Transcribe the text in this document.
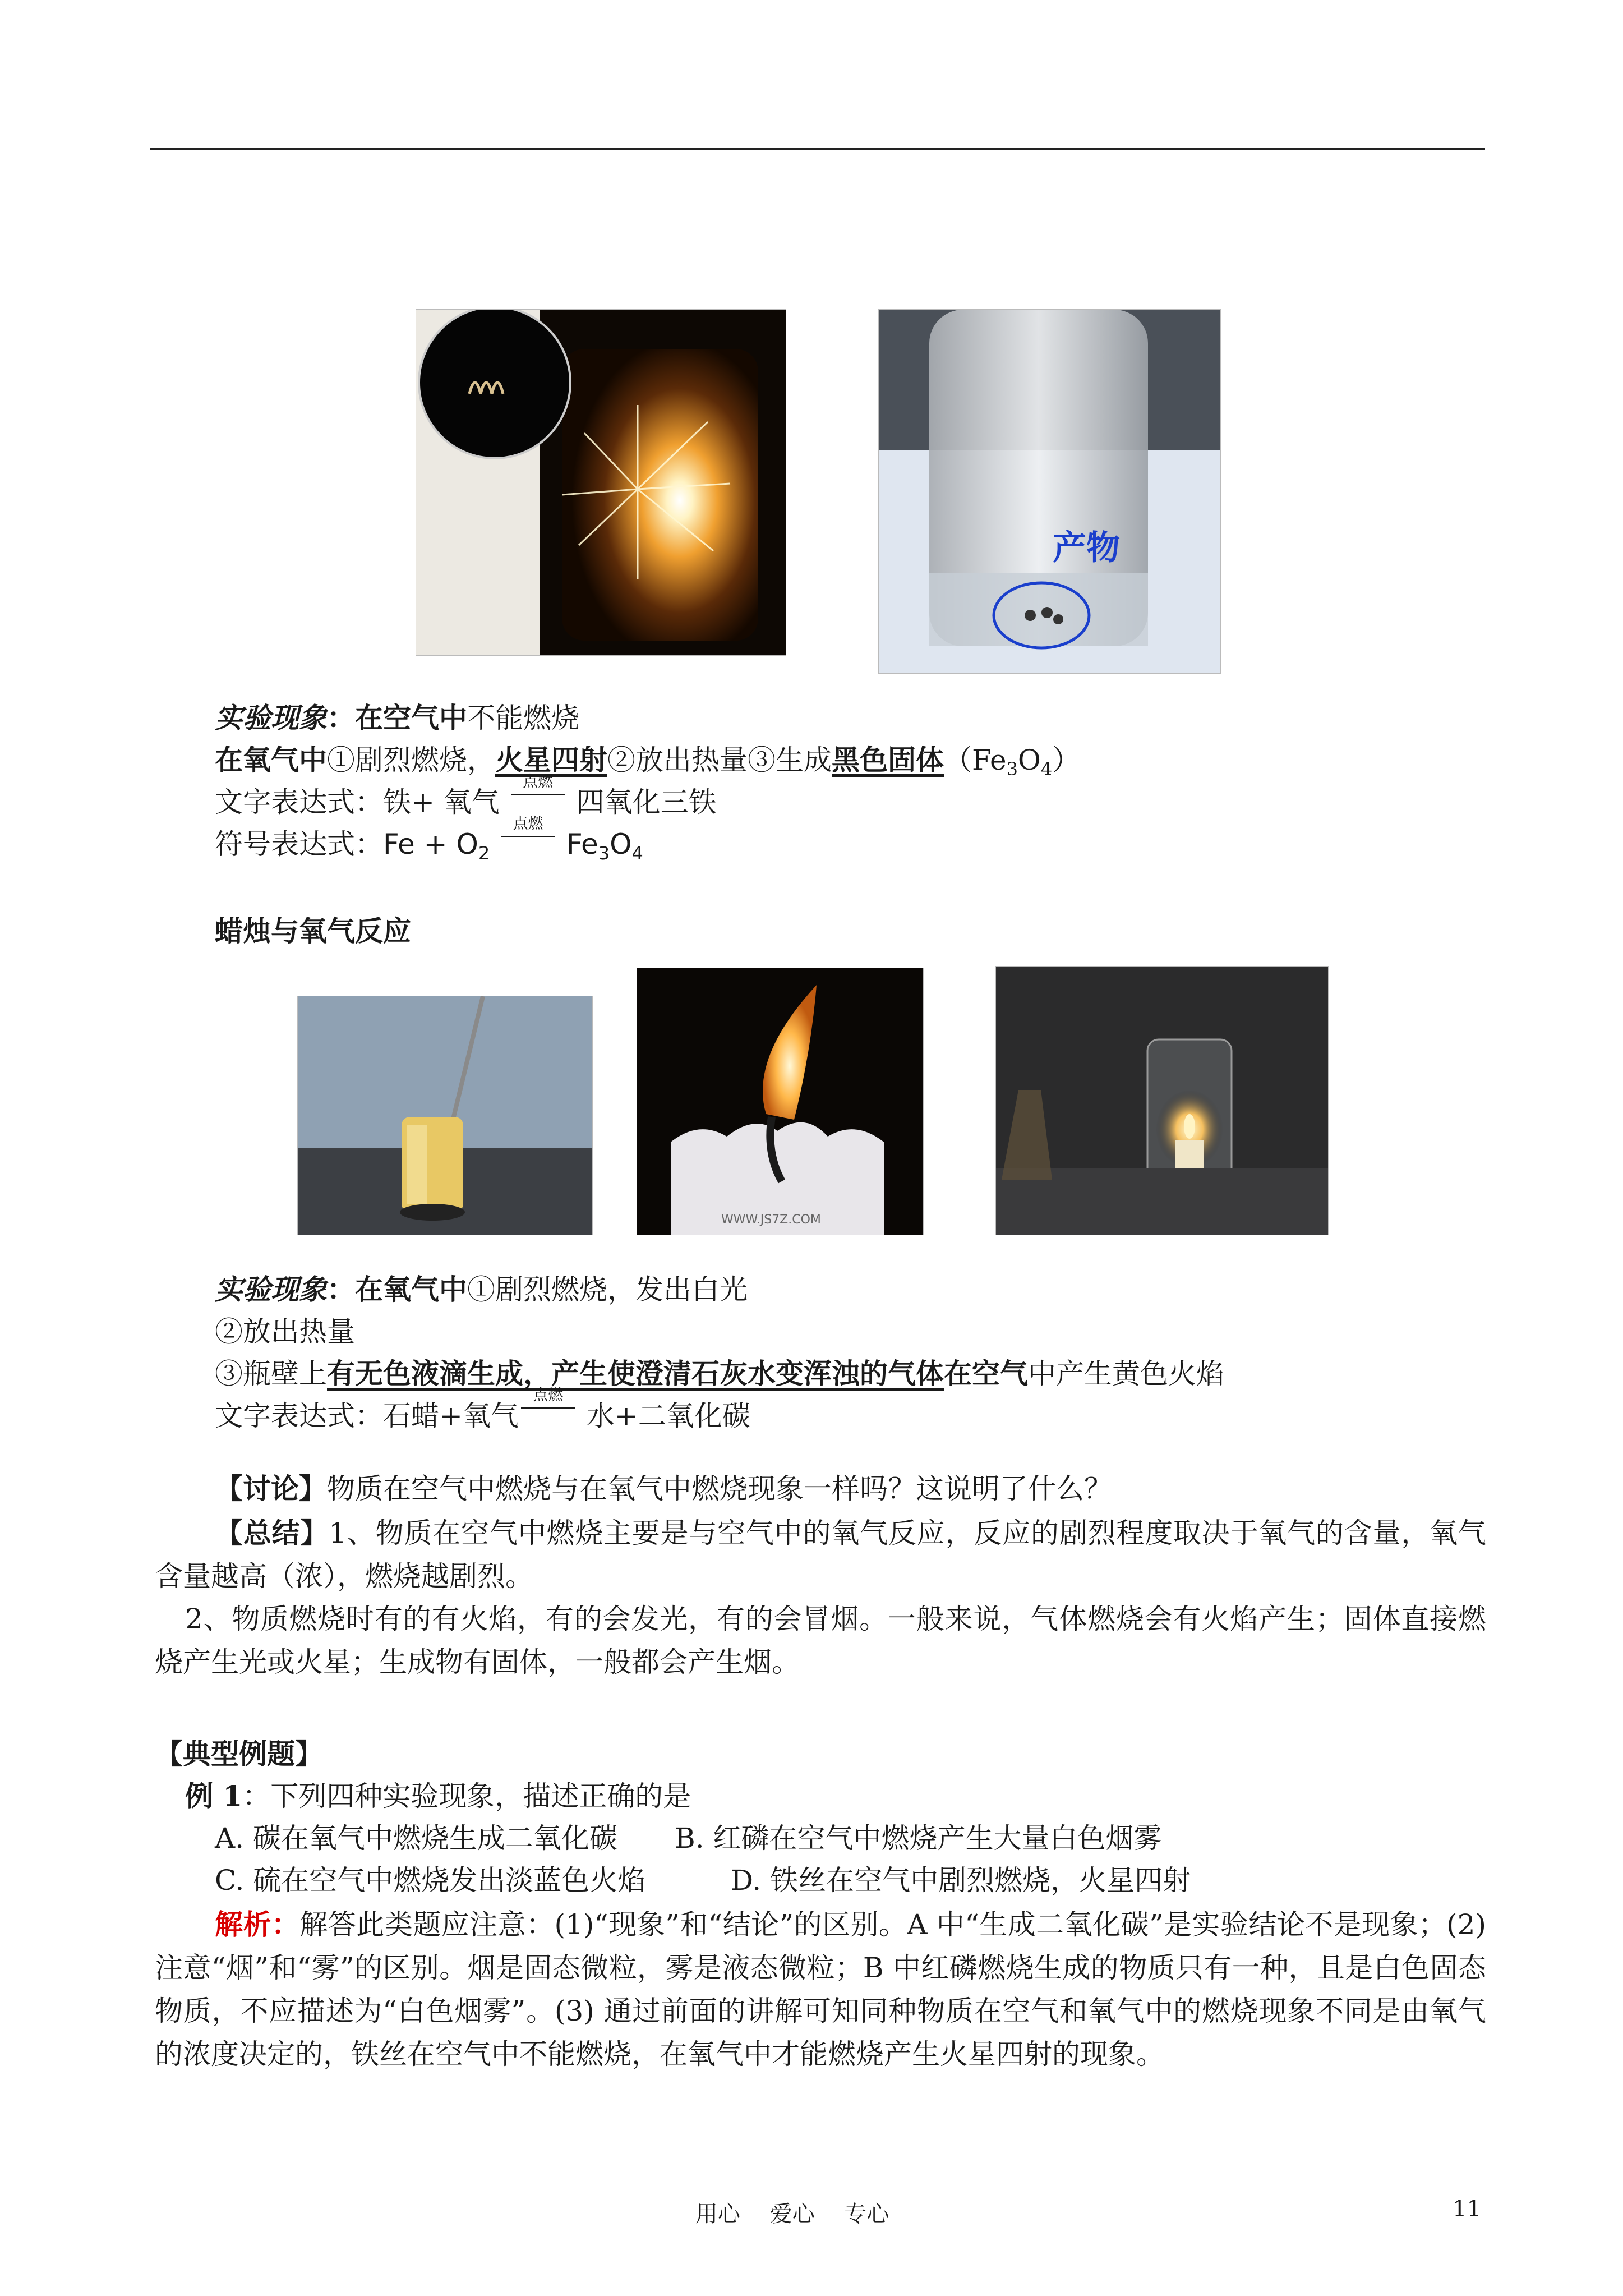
产物
实验现象：在空气中不能燃烧
在氧气中①剧烈燃烧，火星四射②放出热量③生成黑色固体$(Fe_3O_4)$
文字表达式：铁+ 氧气
点燃
四氧化三铁
符号表达式：$Fe + O_2$
点燃
$Fe_3O_4$
蜡烛与氧气反应
WWW.JS7Z.COM
实验现象：在氧气中①剧烈燃烧，发出白光
②放出热量
③瓶壁上有无色液滴生成，产生使澄清石灰水变浑浊的气体在空气中产生黄色火焰
文字表达式：石蜡+氧气
点燃
水+二氧化碳
【讨论】物质在空气中燃烧与在氧气中燃烧现象一样吗？这说明了什么？
【总结】1、物质在空气中燃烧主要是与空气中的氧气反应，反应的剧烈程度取决于氧气的含量，氧气含量越高（浓），燃烧越剧烈。
2、物质燃烧时有的有火焰，有的会发光，有的会冒烟。一般来说，气体燃烧会有火焰产生；固体直接燃烧产生光或火星；生成物有固体，一般都会产生烟。
【典型例题】
例 1：下列四种实验现象，描述正确的是
A. 碳在氧气中燃烧生成二氧化碳 B. 红磷在空气中燃烧产生大量白色烟雾
C. 硫在空气中燃烧发出淡蓝色火焰	D. 铁丝在空气中剧烈燃烧，火星四射
解析：解答此类题应注意：(1)“现象”和“结论”的区别。A 中“生成二氧化碳”是实验结论不是现象；(2)注意“烟”和“雾”的区别。烟是固态微粒，雾是液态微粒；B 中红磷燃烧生成的物质只有一种，且是白色固态物质，不应描述为“白色烟雾”。(3) 通过前面的讲解可知同种物质在空气和氧气中的燃烧现象不同是由氧气的浓度决定的，铁丝在空气中不能燃烧，在氧气中才能燃烧产生火星四射的现象。
用心　 爱心　 专心	11
